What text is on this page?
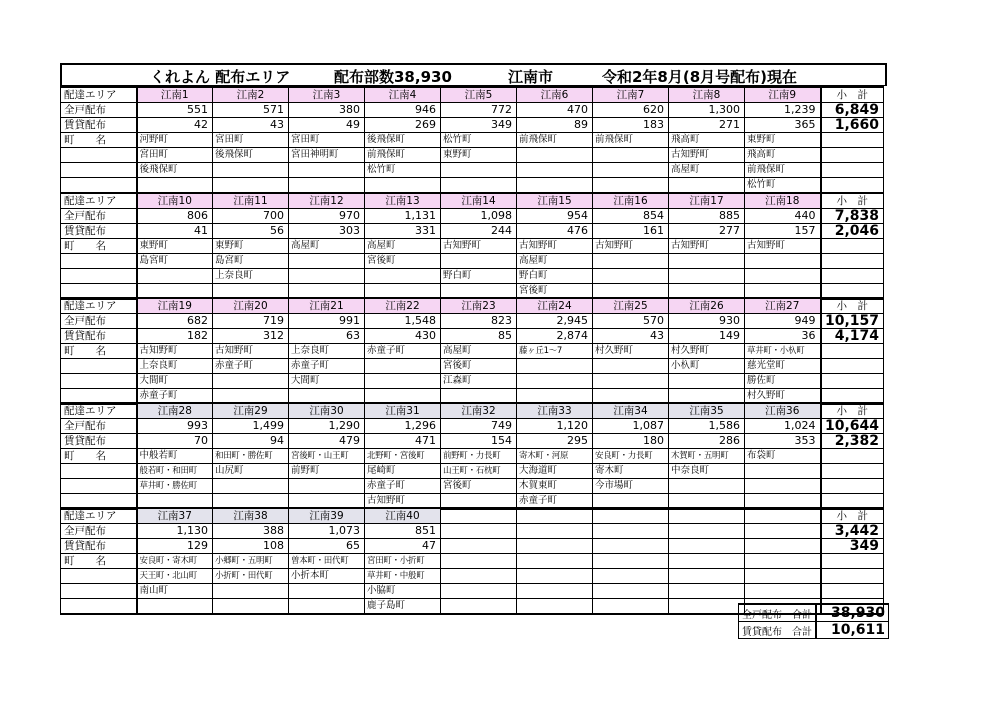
くれよん 配布エリア	配布部数38,930	江南市	令和2年8月(8月号配布)現在
配達エリア	江南1	江南2	江南3	江南4	江南5	江南6	江南7	江南8	江南9	小　計
全戸配布	551	571	380	946	772	470	620	1,300	1,239	6,849
賃貸配布	42	43	49	269	349	89	183	271	365	1,660
町　　名	河野町	宮田町	宮田町	後飛保町	松竹町	前飛保町	前飛保町	飛高町	東野町	
	宮田町	後飛保町	宮田神明町	前飛保町	東野町			古知野町	飛高町	
	後飛保町			松竹町				高屋町	前飛保町	
									松竹町	
配達エリア	江南10	江南11	江南12	江南13	江南14	江南15	江南16	江南17	江南18	小　計
全戸配布	806	700	970	1,131	1,098	954	854	885	440	7,838
賃貸配布	41	56	303	331	244	476	161	277	157	2,046
町　　名	東野町	東野町	高屋町	高屋町	古知野町	古知野町	古知野町	古知野町	古知野町	
	島宮町	島宮町		宮後町		高屋町				
		上奈良町			野白町	野白町				
						宮後町				
配達エリア	江南19	江南20	江南21	江南22	江南23	江南24	江南25	江南26	江南27	小　計
全戸配布	682	719	991	1,548	823	2,945	570	930	949	10,157
賃貸配布	182	312	63	430	85	2,874	43	149	36	4,174
町　　名	古知野町	古知野町	上奈良町	赤童子町	高屋町	藤ヶ丘1～7	村久野町	村久野町	草井町・小杁町	
	上奈良町	赤童子町	赤童子町		宮後町			小杁町	慈光堂町	
	大間町		大間町		江森町				勝佐町	
	赤童子町								村久野町	
配達エリア	江南28	江南29	江南30	江南31	江南32	江南33	江南34	江南35	江南36	小　計
全戸配布	993	1,499	1,290	1,296	749	1,120	1,087	1,586	1,024	10,644
賃貸配布	70	94	479	471	154	295	180	286	353	2,382
町　　名	中般若町	和田町・勝佐町	宮後町・山王町	北野町・宮後町	前野町・力長町	寄木町・河原	安良町・力長町	木賀町・五明町	布袋町	
	般若町・和田町	山尻町	前野町	尾崎町	山王町・石枕町	大海道町	寄木町	中奈良町		
	草井町・勝佐町			赤童子町	宮後町	木賀東町	今市場町			
				古知野町		赤童子町				
配達エリア	江南37	江南38	江南39	江南40						小　計
全戸配布	1,130	388	1,073	851						3,442
賃貸配布	129	108	65	47						349
町　　名	安良町・寄木町	小郷町・五明町	曽本町・田代町	宮田町・小折町						
	天王町・北山町	小折町・田代町	小折本町	草井町・中般町						
	南山町			小脇町						
				鹿子島町						
全戸配布　合計	38,930
賃貸配布　合計	10,611
